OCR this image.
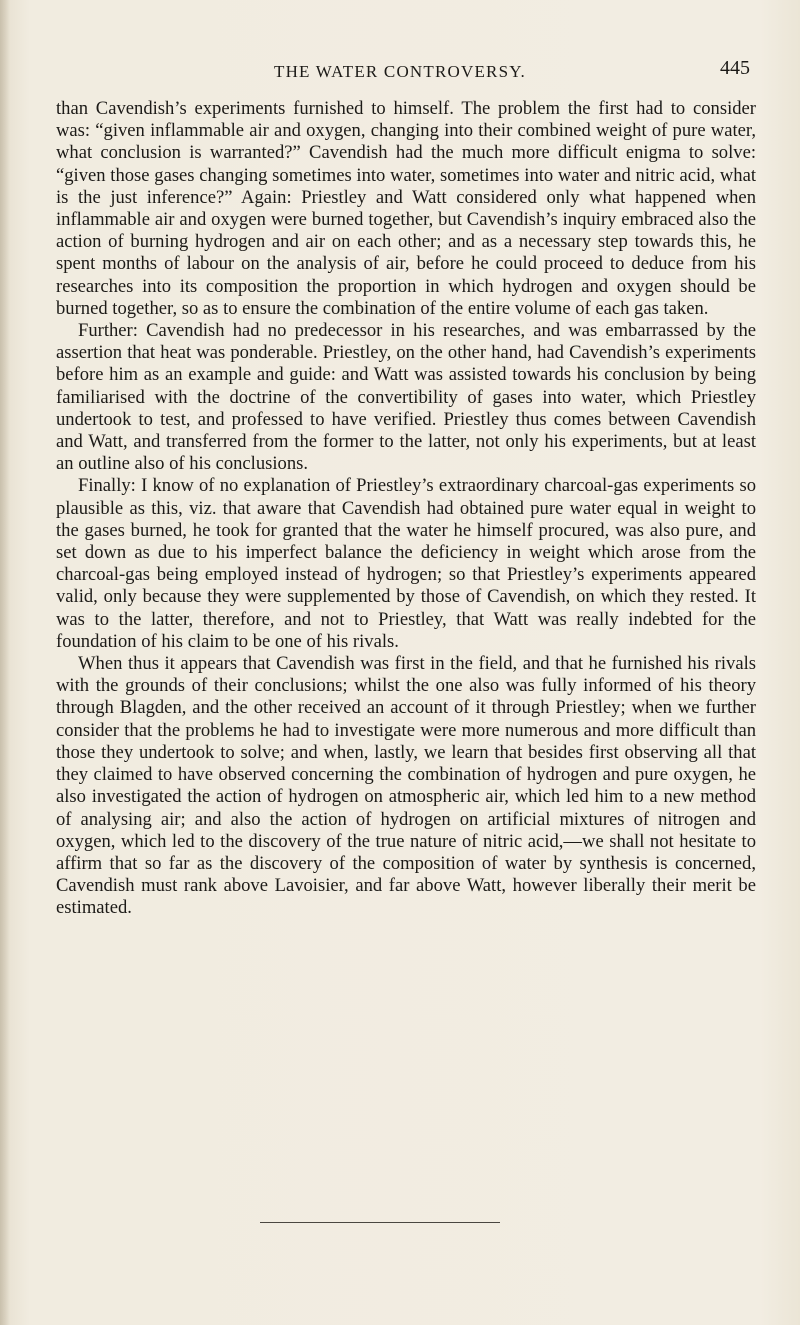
THE WATER CONTROVERSY.	445

than Cavendish’s experiments furnished to himself. The problem the first had to consider was: “given inflammable air and oxygen, changing into their combined weight of pure water, what conclusion is warranted?” Cavendish had the much more difficult enigma to solve: “given those gases changing sometimes into water, sometimes into water and nitric acid, what is the just inference?” Again: Priestley and Watt considered only what happened when inflammable air and oxygen were burned together, but Cavendish’s inquiry embraced also the action of burning hydrogen and air on each other; and as a necessary step towards this, he spent months of labour on the analysis of air, before he could proceed to deduce from his researches into its composition the proportion in which hydrogen and oxygen should be burned together, so as to ensure the combination of the entire volume of each gas taken.

Further: Cavendish had no predecessor in his researches, and was embarrassed by the assertion that heat was ponderable. Priestley, on the other hand, had Cavendish’s experiments before him as an example and guide: and Watt was assisted towards his conclusion by being familiarised with the doctrine of the convertibility of gases into water, which Priestley undertook to test, and professed to have verified. Priestley thus comes between Cavendish and Watt, and transferred from the former to the latter, not only his experiments, but at least an outline also of his conclusions.

Finally: I know of no explanation of Priestley’s extraordinary charcoal-gas experiments so plausible as this, viz. that aware that Cavendish had obtained pure water equal in weight to the gases burned, he took for granted that the water he himself procured, was also pure, and set down as due to his imperfect balance the deficiency in weight which arose from the charcoal-gas being employed instead of hydrogen; so that Priestley’s experiments appeared valid, only because they were supplemented by those of Cavendish, on which they rested. It was to the latter, therefore, and not to Priestley, that Watt was really indebted for the foundation of his claim to be one of his rivals.

When thus it appears that Cavendish was first in the field, and that he furnished his rivals with the grounds of their conclusions; whilst the one also was fully informed of his theory through Blagden, and the other received an account of it through Priestley; when we further consider that the problems he had to investigate were more numerous and more difficult than those they undertook to solve; and when, lastly, we learn that besides first observing all that they claimed to have observed concerning the combination of hydrogen and pure oxygen, he also investigated the action of hydrogen on atmospheric air, which led him to a new method of analysing air; and also the action of hydrogen on artificial mixtures of nitrogen and oxygen, which led to the discovery of the true nature of nitric acid,—we shall not hesitate to affirm that so far as the discovery of the composition of water by synthesis is concerned, Cavendish must rank above Lavoisier, and far above Watt, however liberally their merit be estimated.
